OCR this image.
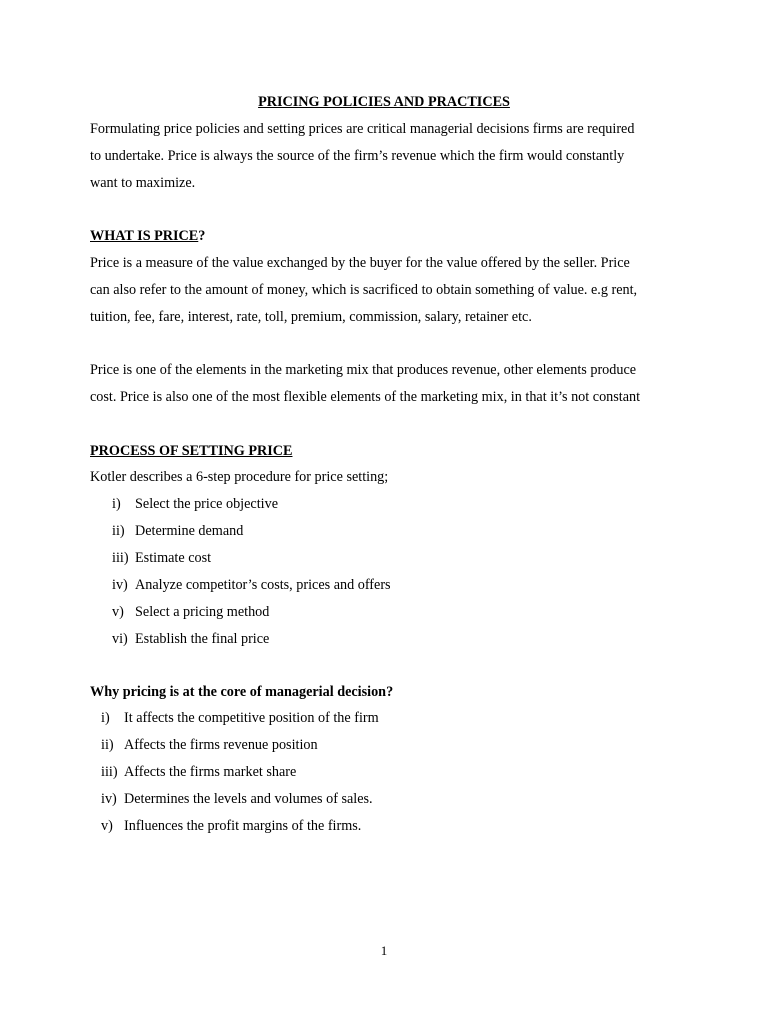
PRICING POLICIES AND PRACTICES
Formulating price policies and setting prices are critical managerial decisions firms are required
to undertake. Price is always the source of the firm’s revenue which the firm would constantly
want to maximize.
WHAT IS PRICE?
Price is a measure of the value exchanged by the buyer for the value offered by the seller. Price
can also refer to the amount of money, which is sacrificed to obtain something of value. e.g rent,
tuition, fee, fare, interest, rate, toll, premium, commission, salary, retainer etc.
Price is one of the elements in the marketing mix that produces revenue, other elements produce
cost. Price is also one of the most flexible elements of the marketing mix, in that it’s not constant
PROCESS OF SETTING PRICE
Kotler describes a 6-step procedure for price setting;
i) Select the price objective
ii) Determine demand
iii) Estimate cost
iv) Analyze competitor’s costs, prices and offers
v) Select a pricing method
vi) Establish the final price
Why pricing is at the core of managerial decision?
i) It affects the competitive position of the firm
ii) Affects the firms revenue position
iii) Affects the firms market share
iv) Determines the levels and volumes of sales.
v) Influences the profit margins of the firms.
1
